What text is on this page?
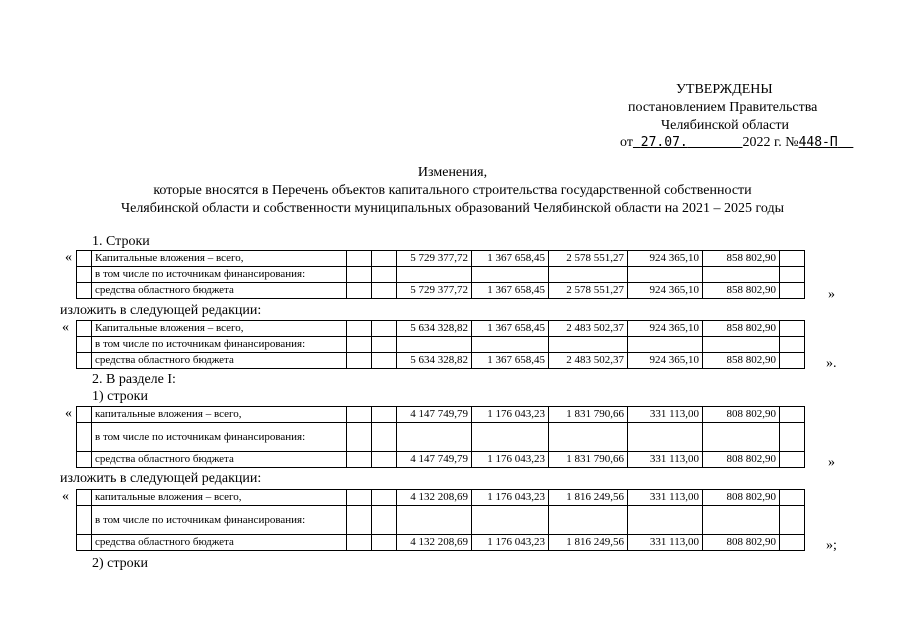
УТВЕРЖДЕНЫ
постановлением Правительства
Челябинской области
от 27.07.	2022 г. №448-П
Изменения,
которые вносятся в Перечень объектов капитального строительства государственной собственности
Челябинской области и собственности муниципальных образований Челябинской области на 2021 – 2025 годы
1. Строки
«
	Капитальные вложения – всего,			5 729 377,72	1 367 658,45	2 578 551,27	924 365,10	858 802,90	
	в том числе по источникам финансирования:								
	средства областного бюджета			5 729 377,72	1 367 658,45	2 578 551,27	924 365,10	858 802,90		»
изложить в следующей редакции:
«
	Капитальные вложения – всего,			5 634 328,82	1 367 658,45	2 483 502,37	924 365,10	858 802,90	
	в том числе по источникам финансирования:								
	средства областного бюджета			5 634 328,82	1 367 658,45	2 483 502,37	924 365,10	858 802,90		».
2. В разделе I:
1) строки
«
	капитальные вложения – всего,			4 147 749,79	1 176 043,23	1 831 790,66	331 113,00	808 802,90	
	в том числе по источникам финансирования:								
	средства областного бюджета			4 147 749,79	1 176 043,23	1 831 790,66	331 113,00	808 802,90		»
изложить в следующей редакции:
«
	капитальные вложения – всего,			4 132 208,69	1 176 043,23	1 816 249,56	331 113,00	808 802,90	
	в том числе по источникам финансирования:								
	средства областного бюджета			4 132 208,69	1 176 043,23	1 816 249,56	331 113,00	808 802,90		»;
2) строки
